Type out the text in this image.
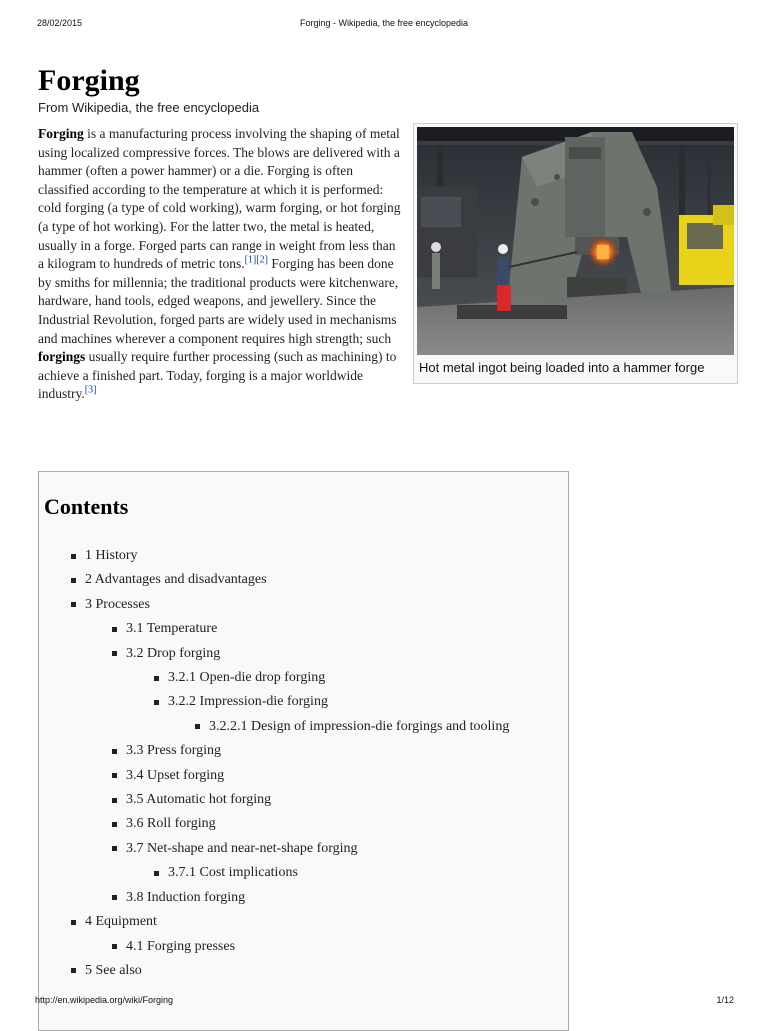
28/02/2015	Forging - Wikipedia, the free encyclopedia
Forging
From Wikipedia, the free encyclopedia
Hot metal ingot being loaded into a hammer forge

Forging is a manufacturing process involving the shaping of metal using localized compressive forces. The blows are delivered with a hammer (often a power hammer) or a die. Forging is often classified according to the temperature at which it is performed: cold forging (a type of cold working), warm forging, or hot forging (a type of hot working). For the latter two, the metal is heated, usually in a forge. Forged parts can range in weight from less than a kilogram to hundreds of metric tons.[1][2] Forging has been done by smiths for millennia; the traditional products were kitchenware, hardware, hand tools, edged weapons, and jewellery. Since the Industrial Revolution, forged parts are widely used in mechanisms and machines wherever a component requires high strength; such forgings usually require further processing (such as machining) to achieve a finished part. Today, forging is a major worldwide industry.[3]

Contents
1 History
2 Advantages and disadvantages
3 Processes
3.1 Temperature
3.2 Drop forging
3.2.1 Open-die drop forging
3.2.2 Impression-die forging
3.2.2.1 Design of impression-die forgings and tooling
3.3 Press forging
3.4 Upset forging
3.5 Automatic hot forging
3.6 Roll forging
3.7 Net-shape and near-net-shape forging
3.7.1 Cost implications
3.8 Induction forging
4 Equipment
4.1 Forging presses
5 See also
http://en.wikipedia.org/wiki/Forging	1/12
